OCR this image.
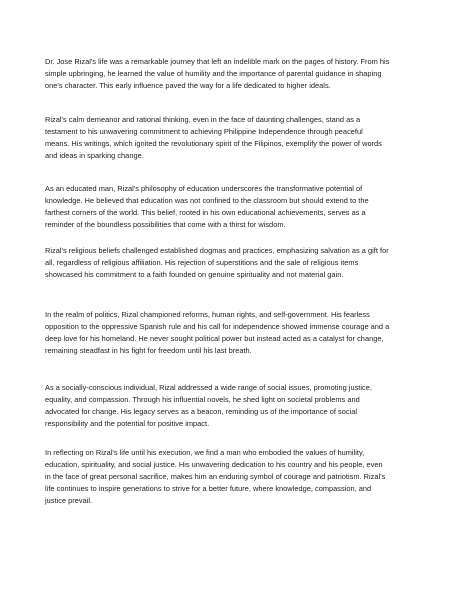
Dr. Jose Rizal's life was a remarkable journey that left an indelible mark on the pages of history. From his
simple upbringing, he learned the value of humility and the importance of parental guidance in shaping
one's character. This early influence paved the way for a life dedicated to higher ideals.

Rizal's calm demeanor and rational thinking, even in the face of daunting challenges, stand as a
testament to his unwavering commitment to achieving Philippine Independence through peaceful
means. His writings, which ignited the revolutionary spirit of the Filipinos, exemplify the power of words
and ideas in sparking change.

As an educated man, Rizal's philosophy of education underscores the transformative potential of
knowledge. He believed that education was not confined to the classroom but should extend to the
farthest corners of the world. This belief, rooted in his own educational achievements, serves as a
reminder of the boundless possibilities that come with a thirst for wisdom.

Rizal's religious beliefs challenged established dogmas and practices, emphasizing salvation as a gift for
all, regardless of religious affiliation. His rejection of superstitions and the sale of religious items
showcased his commitment to a faith founded on genuine spirituality and not material gain.

In the realm of politics, Rizal championed reforms, human rights, and self-government. His fearless
opposition to the oppressive Spanish rule and his call for independence showed immense courage and a
deep love for his homeland. He never sought political power but instead acted as a catalyst for change,
remaining steadfast in his fight for freedom until his last breath.

As a socially-conscious individual, Rizal addressed a wide range of social issues, promoting justice,
equality, and compassion. Through his influential novels, he shed light on societal problems and
advocated for change. His legacy serves as a beacon, reminding us of the importance of social
responsibility and the potential for positive impact.

In reflecting on Rizal's life until his execution, we find a man who embodied the values of humility,
education, spirituality, and social justice. His unwavering dedication to his country and his people, even
in the face of great personal sacrifice, makes him an enduring symbol of courage and patriotism. Rizal's
life continues to inspire generations to strive for a better future, where knowledge, compassion, and
justice prevail.
